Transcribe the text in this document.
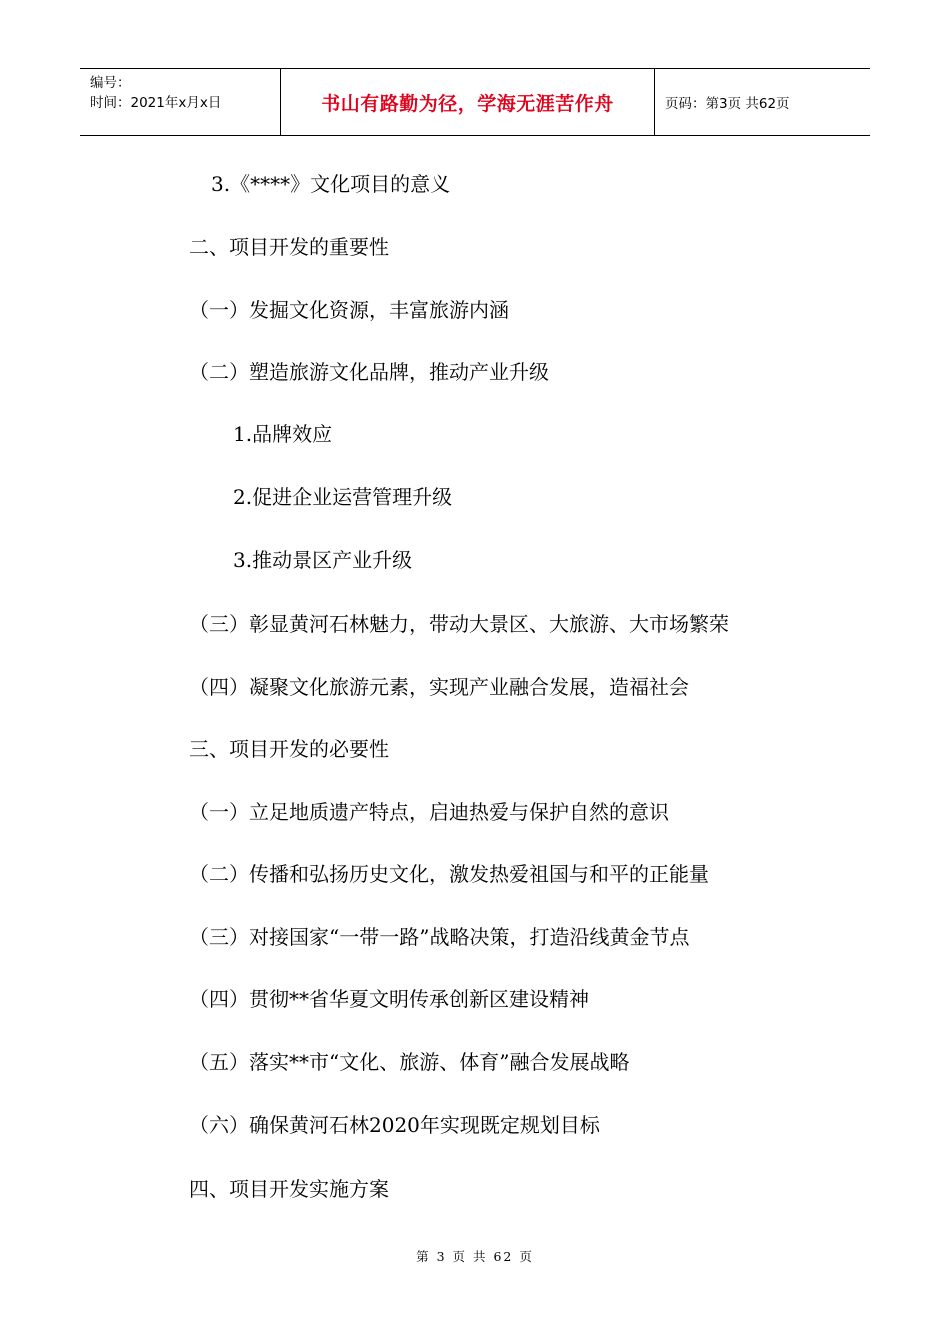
编号：
时间：2021年x月x日	书山有路勤为径，学海无涯苦作舟	页码：第3页 共62页
3.《****》文化项目的意义
二、项目开发的重要性
（一）发掘文化资源，丰富旅游内涵
（二）塑造旅游文化品牌，推动产业升级
1.品牌效应
2.促进企业运营管理升级
3.推动景区产业升级
（三）彰显黄河石林魅力，带动大景区、大旅游、大市场繁荣
（四）凝聚文化旅游元素，实现产业融合发展，造福社会
三、项目开发的必要性
（一）立足地质遗产特点，启迪热爱与保护自然的意识
（二）传播和弘扬历史文化，激发热爱祖国与和平的正能量
（三）对接国家“一带一路”战略决策，打造沿线黄金节点
（四）贯彻**省华夏文明传承创新区建设精神
（五）落实**市“文化、旅游、体育”融合发展战略
（六）确保黄河石林2020年实现既定规划目标
四、项目开发实施方案
第 3 页 共 62 页
